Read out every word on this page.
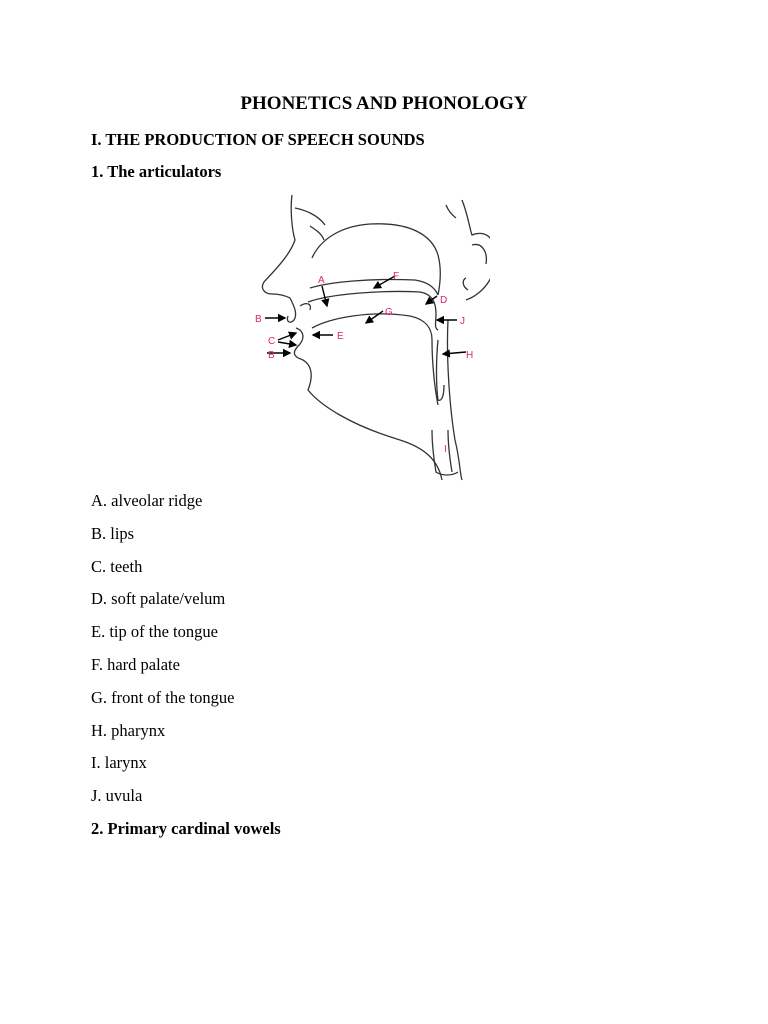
PHONETICS AND PHONOLOGY
I. THE PRODUCTION OF SPEECH SOUNDS
1. The articulators
A
B
C
B
D
E
F
G
H
I
J
A. alveolar ridge
B. lips
C. teeth
D. soft palate/velum
E. tip of the tongue
F. hard palate
G. front of the tongue
H. pharynx
I. larynx
J. uvula
2. Primary cardinal vowels
